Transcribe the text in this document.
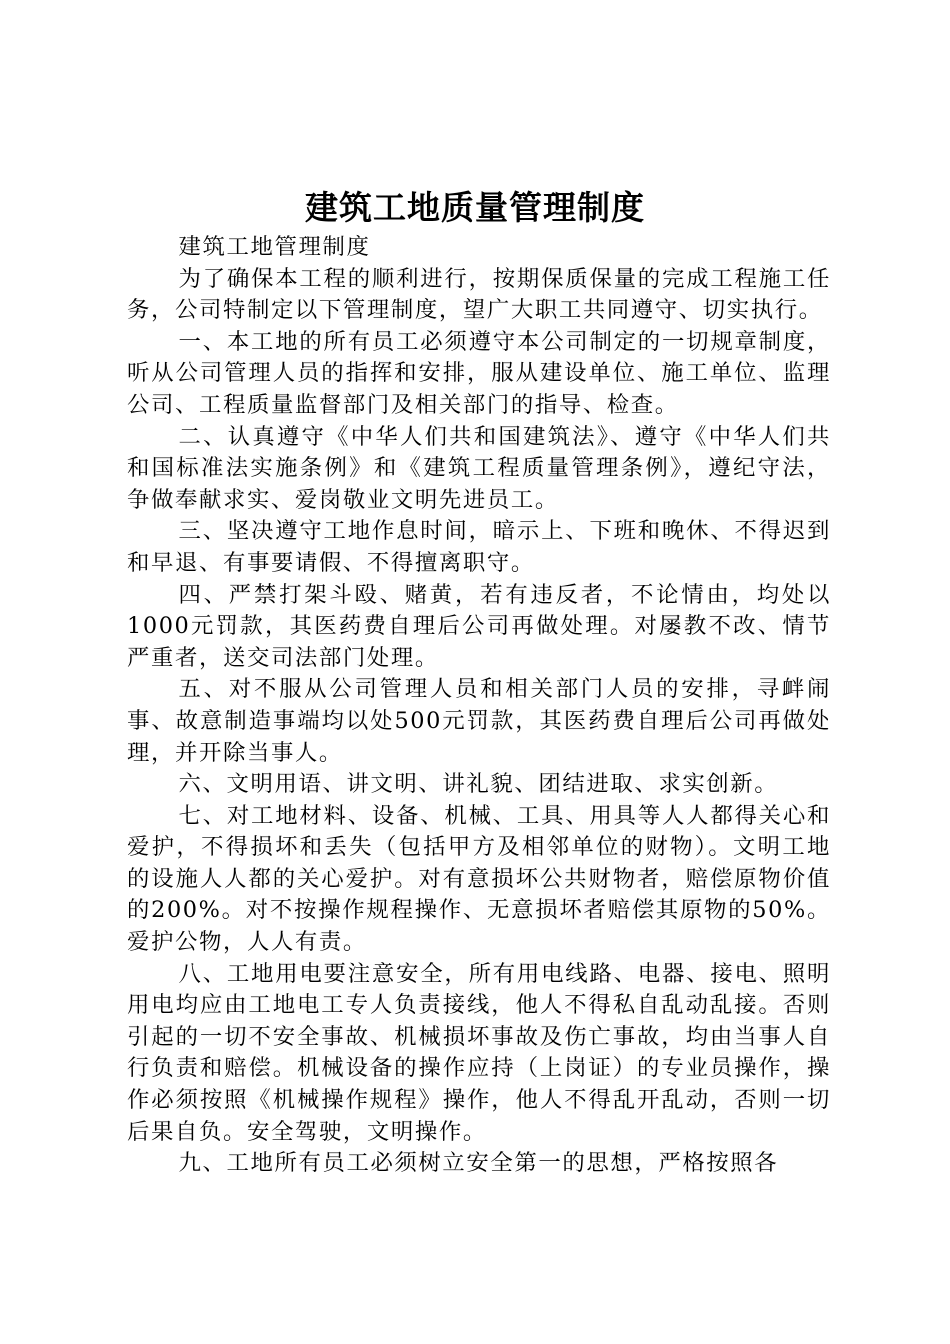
建筑工地质量管理制度

建筑工地管理制度

为了确保本工程的顺利进行，按期保质保量的完成工程施工任务，公司特制定以下管理制度，望广大职工共同遵守、切实执行。

一、本工地的所有员工必须遵守本公司制定的一切规章制度，听从公司管理人员的指挥和安排，服从建设单位、施工单位、监理公司、工程质量监督部门及相关部门的指导、检查。

二、认真遵守《中华人们共和国建筑法》、遵守《中华人们共和国标准法实施条例》和《建筑工程质量管理条例》，遵纪守法，争做奉献求实、爱岗敬业文明先进员工。

三、坚决遵守工地作息时间，暗示上、下班和晚休、不得迟到和早退、有事要请假、不得擅离职守。

四、严禁打架斗殴、赌黄，若有违反者，不论情由，均处以1000元罚款，其医药费自理后公司再做处理。对屡教不改、情节严重者，送交司法部门处理。

五、对不服从公司管理人员和相关部门人员的安排，寻衅闹事、故意制造事端均以处500元罚款，其医药费自理后公司再做处理，并开除当事人。

六、文明用语、讲文明、讲礼貌、团结进取、求实创新。

七、对工地材料、设备、机械、工具、用具等人人都得关心和爱护，不得损坏和丢失（包括甲方及相邻单位的财物）。文明工地的设施人人都的关心爱护。对有意损坏公共财物者，赔偿原物价值的200%。对不按操作规程操作、无意损坏者赔偿其原物的50%。爱护公物，人人有责。

八、工地用电要注意安全，所有用电线路、电器、接电、照明用电均应由工地电工专人负责接线，他人不得私自乱动乱接。否则引起的一切不安全事故、机械损坏事故及伤亡事故，均由当事人自行负责和赔偿。机械设备的操作应持（上岗证）的专业员操作，操作必须按照《机械操作规程》操作，他人不得乱开乱动，否则一切后果自负。安全驾驶，文明操作。

九、工地所有员工必须树立安全第一的思想，严格按照各
